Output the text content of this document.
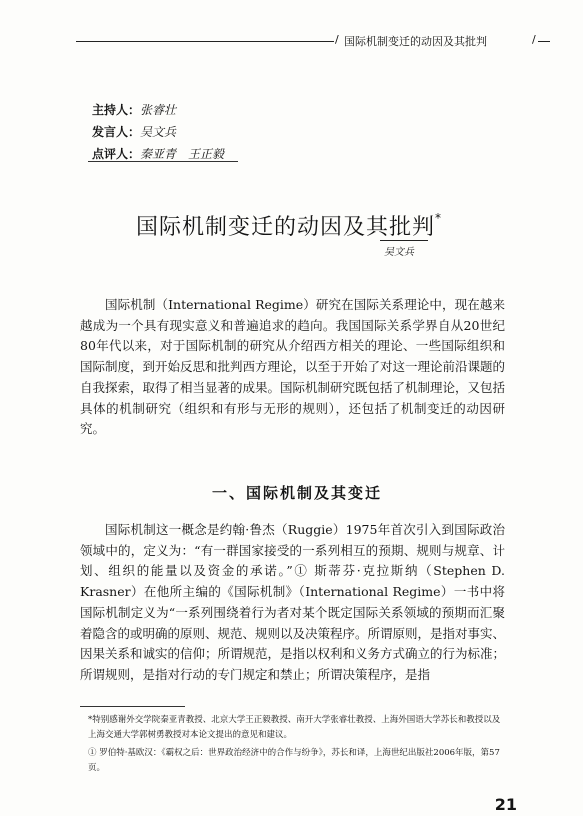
/ 国际机制变迁的动因及其批判	/
主持人：张睿壮
发言人：吴文兵
点评人：秦亚青　王正毅
国际机制变迁的动因及其批判*
吴文兵

国际机制（International Regime）研究在国际关系理论中，现在越来越成为一个具有现实意义和普遍追求的趋向。我国国际关系学界自从20世纪80年代以来，对于国际机制的研究从介绍西方相关的理论、一些国际组织和国际制度，到开始反思和批判西方理论，以至于开始了对这一理论前沿课题的自我探索，取得了相当显著的成果。国际机制研究既包括了机制理论，又包括具体的机制研究（组织和有形与无形的规则），还包括了机制变迁的动因研究。

一、国际机制及其变迁

国际机制这一概念是约翰·鲁杰（Ruggie）1975年首次引入到国际政治领域中的，定义为：“有一群国家接受的一系列相互的预期、规则与规章、计划、组织的能量以及资金的承诺。”① 斯蒂芬·克拉斯纳（Stephen D. Krasner）在他所主编的《国际机制》（International Regime）一书中将国际机制定义为“一系列围绕着行为者对某个既定国际关系领域的预期而汇聚着隐含的或明确的原则、规范、规则以及决策程序。所谓原则，是指对事实、因果关系和诚实的信仰；所谓规范，是指以权利和义务方式确立的行为标准；所谓规则，是指对行动的专门规定和禁止；所谓决策程序，是指

*特别感谢外交学院秦亚青教授、北京大学王正毅教授、南开大学张睿壮教授、上海外国语大学苏长和教授以及上海交通大学郭树勇教授对本论文提出的意见和建议。

① 罗伯特·基欧汉：《霸权之后：世界政治经济中的合作与纷争》，苏长和译，上海世纪出版社2006年版，第57页。

21
